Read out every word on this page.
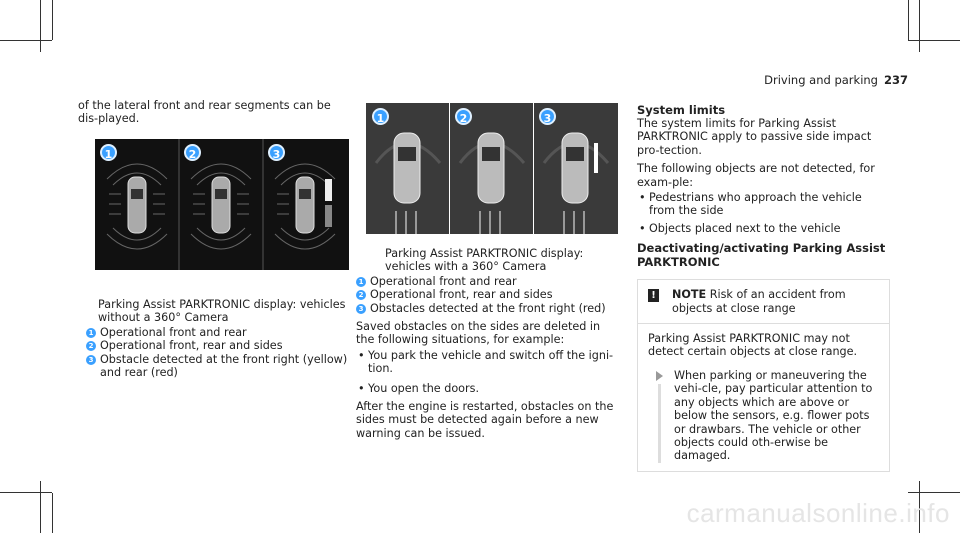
Driving and parking 237

of the lateral front and rear segments can be dis-played.

1	2	3

Parking Assist PARKTRONIC display: vehicles without a 360° Camera

1 Operational front and rear
2 Operational front, rear and sides
3 Obstacle detected at the front right (yellow) and rear (red)
1	2	3

Parking Assist PARKTRONIC display: vehicles with a 360° Camera

1 Operational front and rear
2 Operational front, rear and sides
3 Obstacles detected at the front right (red)

Saved obstacles on the sides are deleted in the following situations, for example:

• You park the vehicle and switch off the igni-tion.
• You open the doors.

After the engine is restarted, obstacles on the sides must be detected again before a new warning can be issued.

System limits

The system limits for Parking Assist PARKTRONIC apply to passive side impact pro-tection.

The following objects are not detected, for exam-ple:

• Pedestrians who approach the vehicle from the side
• Objects placed next to the vehicle
Deactivating/activating Parking Assist PARKTRONIC
! NOTE Risk of an accident from objects at close range

Parking Assist PARKTRONIC may not detect certain objects at close range.

When parking or maneuvering the vehi-cle, pay particular attention to any objects which are above or below the sensors, e.g. flower pots or drawbars. The vehicle or other objects could oth-erwise be damaged.

carmanualsonline.info
